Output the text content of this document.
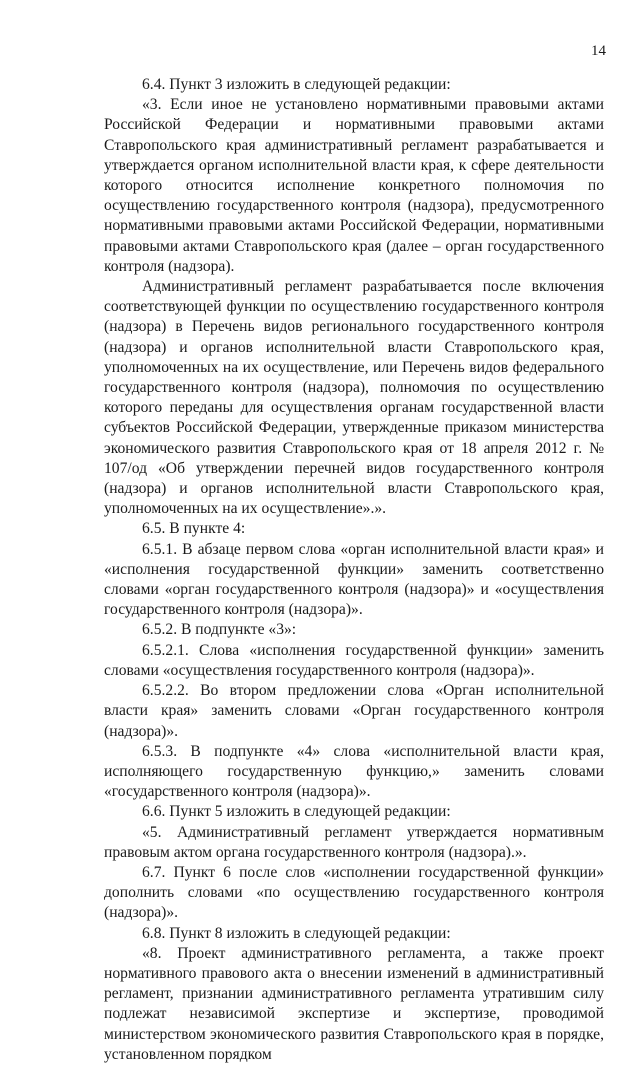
14

6.4. Пункт 3 изложить в следующей редакции:

«3. Если иное не установлено нормативными правовыми актами Российской Федерации и нормативными правовыми актами Ставропольского края административный регламент разрабатывается и утверждается органом исполнительной власти края, к сфере деятельности которого относится исполнение конкретного полномочия по осуществлению государственного контроля (надзора), предусмотренного нормативными правовыми актами Российской Федерации, нормативными правовыми актами Ставропольского края (далее – орган государственного контроля (надзора).

Административный регламент разрабатывается после включения соответствующей функции по осуществлению государственного контроля (надзора) в Перечень видов регионального государственного контроля (надзора) и органов исполнительной власти Ставропольского края, уполномоченных на их осуществление, или Перечень видов федерального государственного контроля (надзора), полномочия по осуществлению которого переданы для осуществления органам государственной власти субъектов Российской Федерации, утвержденные приказом министерства экономического развития Ставропольского края от 18 апреля 2012 г. № 107/од «Об утверждении перечней видов государственного контроля (надзора) и органов исполнительной власти Ставропольского края, уполномоченных на их осуществление».».

6.5. В пункте 4:

6.5.1. В абзаце первом слова «орган исполнительной власти края» и «исполнения государственной функции» заменить соответственно словами «орган государственного контроля (надзора)» и «осуществления государственного контроля (надзора)».

6.5.2. В подпункте «3»:

6.5.2.1. Слова «исполнения государственной функции» заменить словами «осуществления государственного контроля (надзора)».

6.5.2.2. Во втором предложении слова «Орган исполнительной власти края» заменить словами «Орган государственного контроля (надзора)».

6.5.3. В подпункте «4» слова «исполнительной власти края, исполняющего государственную функцию,» заменить словами «государственного контроля (надзора)».

6.6. Пункт 5 изложить в следующей редакции:

«5. Административный регламент утверждается нормативным правовым актом органа государственного контроля (надзора).».

6.7. Пункт 6 после слов «исполнении государственной функции» дополнить словами «по осуществлению государственного контроля (надзора)».

6.8. Пункт 8 изложить в следующей редакции:

«8. Проект административного регламента, а также проект нормативного правового акта о внесении изменений в административный регламент, признании административного регламента утратившим силу подлежат независимой экспертизе и экспертизе, проводимой министерством экономического развития Ставропольского края в порядке, установленном порядком
